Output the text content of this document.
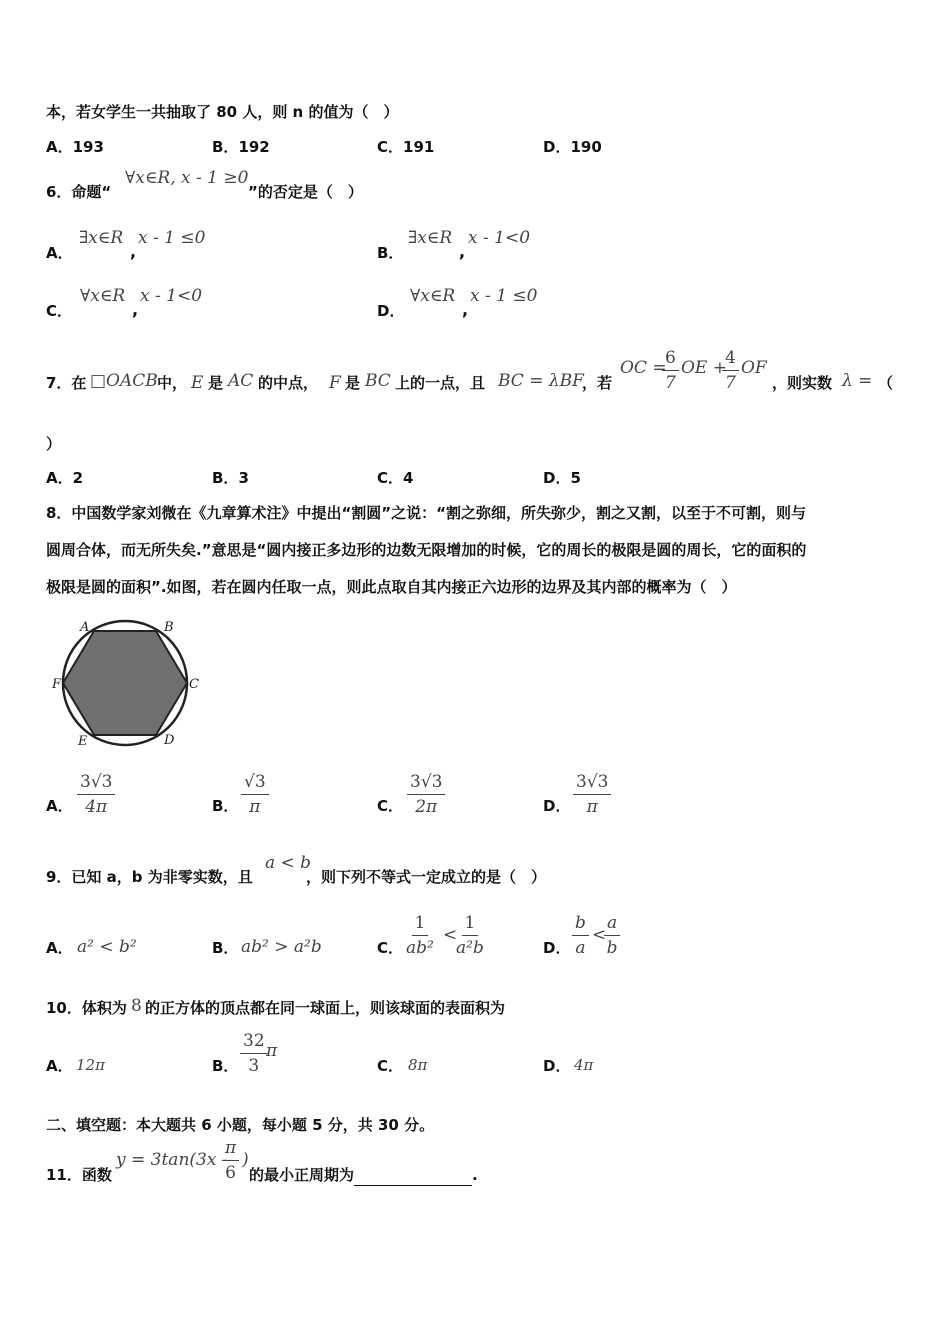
本，若女学生一共抽取了 80 人，则 n 的值为（　）
A．193	B．192	C．191	D．190
6．命题“
∀x∈R, x - 1 ≥0
”的否定是（　）
A．
∃x∈R
,
x - 1 ≤0
B．
∃x∈R
,
x - 1<0
C．
∀x∈R
,
x - 1<0
D．
∀x∈R
,
x - 1 ≤0
7．在 □OACB 中， E 是 AC 的中点， F 是 BC 上的一点，且 BC = λBF
，若
OC =
$\frac{6}{7}$ OE +
$\frac{4}{7}$ OF
，则实数 λ = （
）
A．2	B．3	C．4	D．5
8．中国数学家刘微在《九章算术注》中提出“割圆”之说：“割之弥细，所失弥少，割之又割，以至于不可割，则与
圆周合体，而无所失矣.”意思是“圆内接正多边形的边数无限增加的时候，它的周长的极限是圆的周长，它的面积的
极限是圆的面积”.如图，若在圆内任取一点，则此点取自其内接正六边形的边界及其内部的概率为（　）
A	B
C
D
E
F
A． $\frac{3√3}{4\pi}$	B． $\frac{√3}{\pi}$	C． $\frac{3√3}{2\pi}$	D． $\frac{3√3}{\pi}$
9．已知 a，b 为非零实数，且
a < b
，则下列不等式一定成立的是（　）
A． a² < b²	B． ab² > a²b	C． $\frac{1}{\text{ab²}}$ <
$\frac{1}{\text{a²b}}$	D． $\frac{b}{a}$ <
$\frac{a}{b}$
10．体积为 8 的正方体的顶点都在同一球面上，则该球面的表面积为
A． 12π	B． $\frac{32}{3}$
π
C． 8π	D． 4π
二、填空题：本大题共 6 小题，每小题 5 分，共 30 分。
11．函数
y = 3tan(3x -
$\frac{\pi}{6}$ )
的最小正周期为	.
